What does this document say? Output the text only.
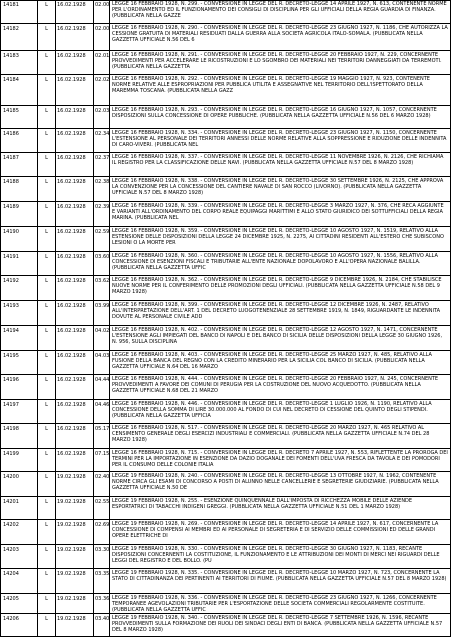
14181	L	16.02.1928	02.00 LEGGE 16 FEBBRAIO 1928, N. 299. - CONVERSIONE IN LEGGE DEL R. DECRETO-LEGGE 14 APRILE 1927, N. 613, CONTENENTE NORME PER L'ORDINAMENTO ED IL FUNZIONAMENTO DEI CONSIGLI DI DISCIPLINA PER GLI UFFICIALI DELLA REGIA GUARDIA DI FINANZA. (PUBBLICATA NELLA GAZZE
14182	L	16.02.1928	02.00 LEGGE 16 FEBBRAIO 1928, N. 290. - CONVERSIONE IN LEGGE DEL R. DECRETO-LEGGE 23 GIUGNO 1927, N. 1186, CHE AUTORIZZA LA CESSIONE GRATUITA DI MATERIALI RESIDUATI DALLA GUERRA ALLA SOCIETA AGRICOLA ITALO-SOMALA. (PUBBLICATA NELLA GAZZETTA UFFICIALE N.56 DEL 6
14183	L	16.02.1928	02.01 LEGGE 16 FEBBRAIO 1928, N. 291. - CONVERSIONE IN LEGGE DEL R. DECRETO-LEGGE 20 FEBBRAIO 1927, N. 229, CONCERNENTE PROVVEDIMENTI PER ACCELERARE LE RICOSTRUZIONI E LO SGOMBRO DEI MATERIALI NEI TERRITORI DANNEGGIATI DA TERREMOTI. (PUBBLICATA NELLA GAZZETTA
14184	L	16.02.1928	02.02 LEGGE 16 FEBBRAIO 1928, N. 292. - CONVERSIONE IN LEGGE DEL R. DECRETO-LEGGE 19 MAGGIO 1927, N. 923, CONTENENTE NORME RELATIVE ALLE ESPROPRIAZIONI PER PUBBLICA UTILITA E ASSEGNATIVE NEL TERRITORIO DELL'ISPETTORATO DELLA MAREMMA TOSCANA. (PUBBLICATA NELLA GAZZ
14185	L	16.02.1928	02.03 LEGGE 16 FEBBRAIO 1928, N. 293. - CONVERSIONE IN LEGGE DEL R. DECRETO-LEGGE 16 GIUGNO 1927, N. 1057, CONCERNENTE DISPOSIZIONI SULLA CONCESSIONE DI OPERE PUBBLICHE. (PUBBLICATA NELLA GAZZETTA UFFICIALE N.56 DEL 6 MARZO 1928)
14186	L	16.02.1928	02.34 LEGGE 16 FEBBRAIO 1928, N. 334. - CONVERSIONE IN LEGGE DEL R. DECRETO-LEGGE 23 GIUGNO 1927, N. 1150, CONCERNENTE L'ESTENSIONE AL PERSONALE DEI TERRITORI ANNESSI DELLE NORME RELATIVE ALLA SOPPRESSIONE E RIDUZIONE DELLE INDENNITA DI CARO-VIVERI. (PUBBLICATA NEL
14187	L	16.02.1928	02.37 LEGGE 16 FEBBRAIO 1928, N. 337. - CONVERSIONE IN LEGGE DEL R. DECRETO-LEGGE 11 NOVEMBRE 1926, N. 2126, CHE RICHIAMA IL REGISTRO PER LA CLASSIFICAZIONE DELLE NAVI. (PUBBLICATA NELLA GAZZETTA UFFICIALE N.57 DEL 8 MARZO 1928)
14188	L	16.02.1928	02.38 LEGGE 16 FEBBRAIO 1928, N. 338. - CONVERSIONE IN LEGGE DEL R. DECRETO-LEGGE 30 SETTEMBRE 1926, N. 2125, CHE APPROVA LA CONVENZIONE PER LA CONCESSIONE DEL CANTIERE NAVALE DI SAN ROCCO (LIVORNO). (PUBBLICATA NELLA GAZZETTA UFFICIALE N.57 DEL 8 MARZO 1928)
14189	L	16.02.1928	02.39 LEGGE 16 FEBBRAIO 1928, N. 339. - CONVERSIONE IN LEGGE DEL R. DECRETO-LEGGE 3 MARZO 1927, N. 376, CHE RECA AGGIUNTE E VARIANTI ALL'ORDINAMENTO DEL CORPO REALE EQUIPAGGI MARITTIMI E ALLO STATO GIURIDICO DEI SOTTUFFICIALI DELLA REGIA MARINA. (PUBBLICATA NEL
14190	L	16.02.1928	02.59 LEGGE 16 FEBBRAIO 1928, N. 359. - CONVERSIONE IN LEGGE DEL R. DECRETO-LEGGE 10 AGOSTO 1927, N. 1519, RELATIVO ALLA ESTENSIONE DELLE DISPOSIZIONI DELLA LEGGE 24 DICEMBRE 1925, N. 2275, AI CITTADINI RESIDENTI ALL'ESTERO CHE SUBISCONO LESIONI O LA MORTE PER
14191	L	16.02.1928	03.60 LEGGE 16 FEBBRAIO 1928, N. 360. - CONVERSIONE IN LEGGE DEL R. DECRETO-LEGGE 10 AGOSTO 1927, N. 1556, RELATIVO ALLA CONCESSIONE DI ESENZIONI FISCALI E TRIBUTARIE ALL'ENTE NAZIONALE DOPOLAVORO E ALL'OPERA NAZIONALE BALILLA. (PUBBLICATA NELLA GAZZETTA UFFIC
14192	L	16.02.1928	03.62 LEGGE 16 FEBBRAIO 1928, N. 362. - CONVERSIONE IN LEGGE DEL R. DECRETO-LEGGE 9 DICEMBRE 1926, N. 2184, CHE STABILISCE NUOVE NORME PER IL CONFERIMENTO DELLE PROMOZIONI DEGLI UFFICIALI. (PUBBLICATA NELLA GAZZETTA UFFICIALE N.58 DEL 9 MARZO 1928)
14193	L	16.02.1928	03.99 LEGGE 16 FEBBRAIO 1928, N. 399. - CONVERSIONE IN LEGGE DEL R. DECRETO-LEGGE 12 DICEMBRE 1926, N. 2487, RELATIVO ALL'INTERPRETAZIONE DELL'ART. 1 DEL DECRETO LUOGOTENENZIALE 28 SETTEMBRE 1919, N. 1849, RIGUARDANTE LE INDENNITA DOVUTE AL PERSONALE CIVILE ADD
14194	L	16.02.1928	04.02 LEGGE 16 FEBBRAIO 1928, N. 402. - CONVERSIONE IN LEGGE DEL R. DECRETO-LEGGE 12 AGOSTO 1927, N. 1471, CONCERNENTE L'ESTENSIONE AGLI IMPIEGATI DEL BANCO DI NAPOLI E DEL BANCO DI SICILIA DELLE DISPOSIZIONI DELLA LEGGE 30 GIUGNO 1926, N. 956, SULLA DISCIPLINA
14195	L	16.02.1928	04.03 LEGGE 16 FEBBRAIO 1928, N. 403. - CONVERSIONE IN LEGGE DEL R. DECRETO-LEGGE 25 MARZO 1927, N. 485, RELATIVO ALLA FUSIONE DELLA BANCA DEL REGNO CON LA CREDITO MINERARIO PER LA SICILIA COL BANCO DI SICILIA. (PUBBLICATA NELLA GAZZETTA UFFICIALE N.64 DEL 16 MARZO
14196	L	16.02.1928	04.44 LEGGE 16 FEBBRAIO 1928, N. 444. - CONVERSIONE IN LEGGE DEL R. DECRETO-LEGGE 20 FEBBRAIO 1927, N. 245, CONCERNENTE PROVVEDIMENTI A FAVORE DEI COMUNI DI PERUGIA PER LA COSTRUZIONE DEL NUOVO ACQUEDOTTO. (PUBBLICATA NELLA GAZZETTA UFFICIALE N.68 DEL 21 MARZO
14197	L	16.02.1928	04.46 LEGGE 16 FEBBRAIO 1928, N. 446. - CONVERSIONE IN LEGGE DEL R. DECRETO-LEGGE 1 LUGLIO 1926, N. 1190, RELATIVO ALLA CONCESSIONE DELLA SOMMA DI LIRE 30.000.000 AL FONDO DI CUI NEL DECRETO DI CESSIONE DEL QUINTO DEGLI STIPENDI. (PUBBLICATA NELLA GAZZETTA UFFICIA
14198	L	16.02.1928	05.17 LEGGE 16 FEBBRAIO 1928, N. 517. - CONVERSIONE IN LEGGE DEL R. DECRETO-LEGGE 20 MARZO 1927, N. 465 RELATIVO AL CENSIMENTO GENERALE DEGLI ESERCIZI INDUSTRIALI E COMMERCIALI. (PUBBLICATA NELLA GAZZETTA UFFICIALE N.74 DEL 28 MARZO 1928)
14199	L	16.02.1928	07.15 LEGGE 16 FEBBRAIO 1928, N. 715. - CONVERSIONE IN LEGGE DEL R. DECRETO 7 APRILE 1927, N. 553, RIFLETTENTE LA PROROGA DEI TERMINI PER LA IMPORTAZIONE IN ESENZIONE DA DAZIO DOGANALE DEI FOMENTI DELL'UVA FRESCA DA TAVOLA E DEI POMODORI PER IL CONSUMO DELLE COLONIE ITALIA
14200	L	19.02.1928	02.40 LEGGE 19 FEBBRAIO 1928, N. 240. - CONVERSIONE IN LEGGE DEL R. DECRETO-LEGGE 13 OTTOBRE 1927, N. 1962, CONTENENTE NORME CIRCA GLI ESAMI DI CONCORSO A POSTI DI ALUNNO NELLE CANCELLERIE E SEGRETERIE GIUDIZIARIE. (PUBBLICATA NELLA GAZZETTA UFFICIALE N.50 DE
14201	L	19.02.1928	02.55 LEGGE 19 FEBBRAIO 1928, N. 255. - ESENZIONE QUINQUENNALE DALL'IMPOSTA DI RICCHEZZA MOBILE DELLE AZIENDE ESPORTATRICI DI TABACCHI INDIGENI GREGGI. (PUBBLICATA NELLA GAZZETTA UFFICIALE N.51 DEL 1 MARZO 1928)
14202	L	19.02.1928	02.69 LEGGE 19 FEBBRAIO 1928, N. 269. - CONVERSIONE IN LEGGE DEL R. DECRETO-LEGGE 14 APRILE 1927, N. 617, CONCERNENTE LA CONCESSIONE DI COMPENSI AI MEMBRI ED AI PERSONALE DI SEGRETERIA E DI SERVIZIO DELLE COMMISSIONI ED DELLE GRANDI OPERE ELETTRICHE DI
14203	L	19.02.1928	03.30 LEGGE 19 FEBBRAIO 1928, N. 330. - CONVERSIONE IN LEGGE DEL R. DECRETO-LEGGE 30 GIUGNO 1927, N. 1183, RECANTE DISPOSIZIONI CONCERNENTI LA COSTITUZIONE, IL FUNZIONAMENTO E LE ATTRIBUZIONI DEI MONTI DI MERCI NEI RIGUARDI DELLE LEGGI DEL REGISTRO E DEL BOLLO. (PU
14204	L	19.02.1928	03.35 LEGGE 19 FEBBRAIO 1928, N. 335. - CONVERSIONE IN LEGGE DEL R. DECRETO-LEGGE 10 MARZO 1927, N. 723, CONCERNENTE LA STATO DI CITTADINANZA DEI PERTINENTI AI TERRITORI DI FIUME. (PUBBLICATA NELLA GAZZETTA UFFICIALE N.57 DEL 8 MARZO 1928)
14205	L	19.02.1928	03.36 LEGGE 19 FEBBRAIO 1928, N. 336. - CONVERSIONE IN LEGGE DEL R. DECRETO-LEGGE 23 GIUGNO 1927, N. 1266, CONCERNENTE TEMPORANEE AGEVOLAZIONI TRIBUTARIE PER L'ESPORTAZIONE DELLE SOCIETA COMMERCIALI REGOLARMENTE COSTITUITE. (PUBBLICATA NELLA GAZZETTA UFFIC
14206	L	19.02.1928	03.40 LEGGE 19 FEBBRAIO 1928, N. 340. - CONVERSIONE IN LEGGE DEL R. DECRETO-LEGGE 7 SETTEMBRE 1926, N. 1596, RECANTE PROVVEDIMENTI SULLA FORMAZIONE DEI RUOLI DEI SINDACI DEGLI ENTI DI BANCA. (PUBBLICATA NELLA GAZZETTA UFFICIALE N.57 DEL 8 MARZO 1928)
